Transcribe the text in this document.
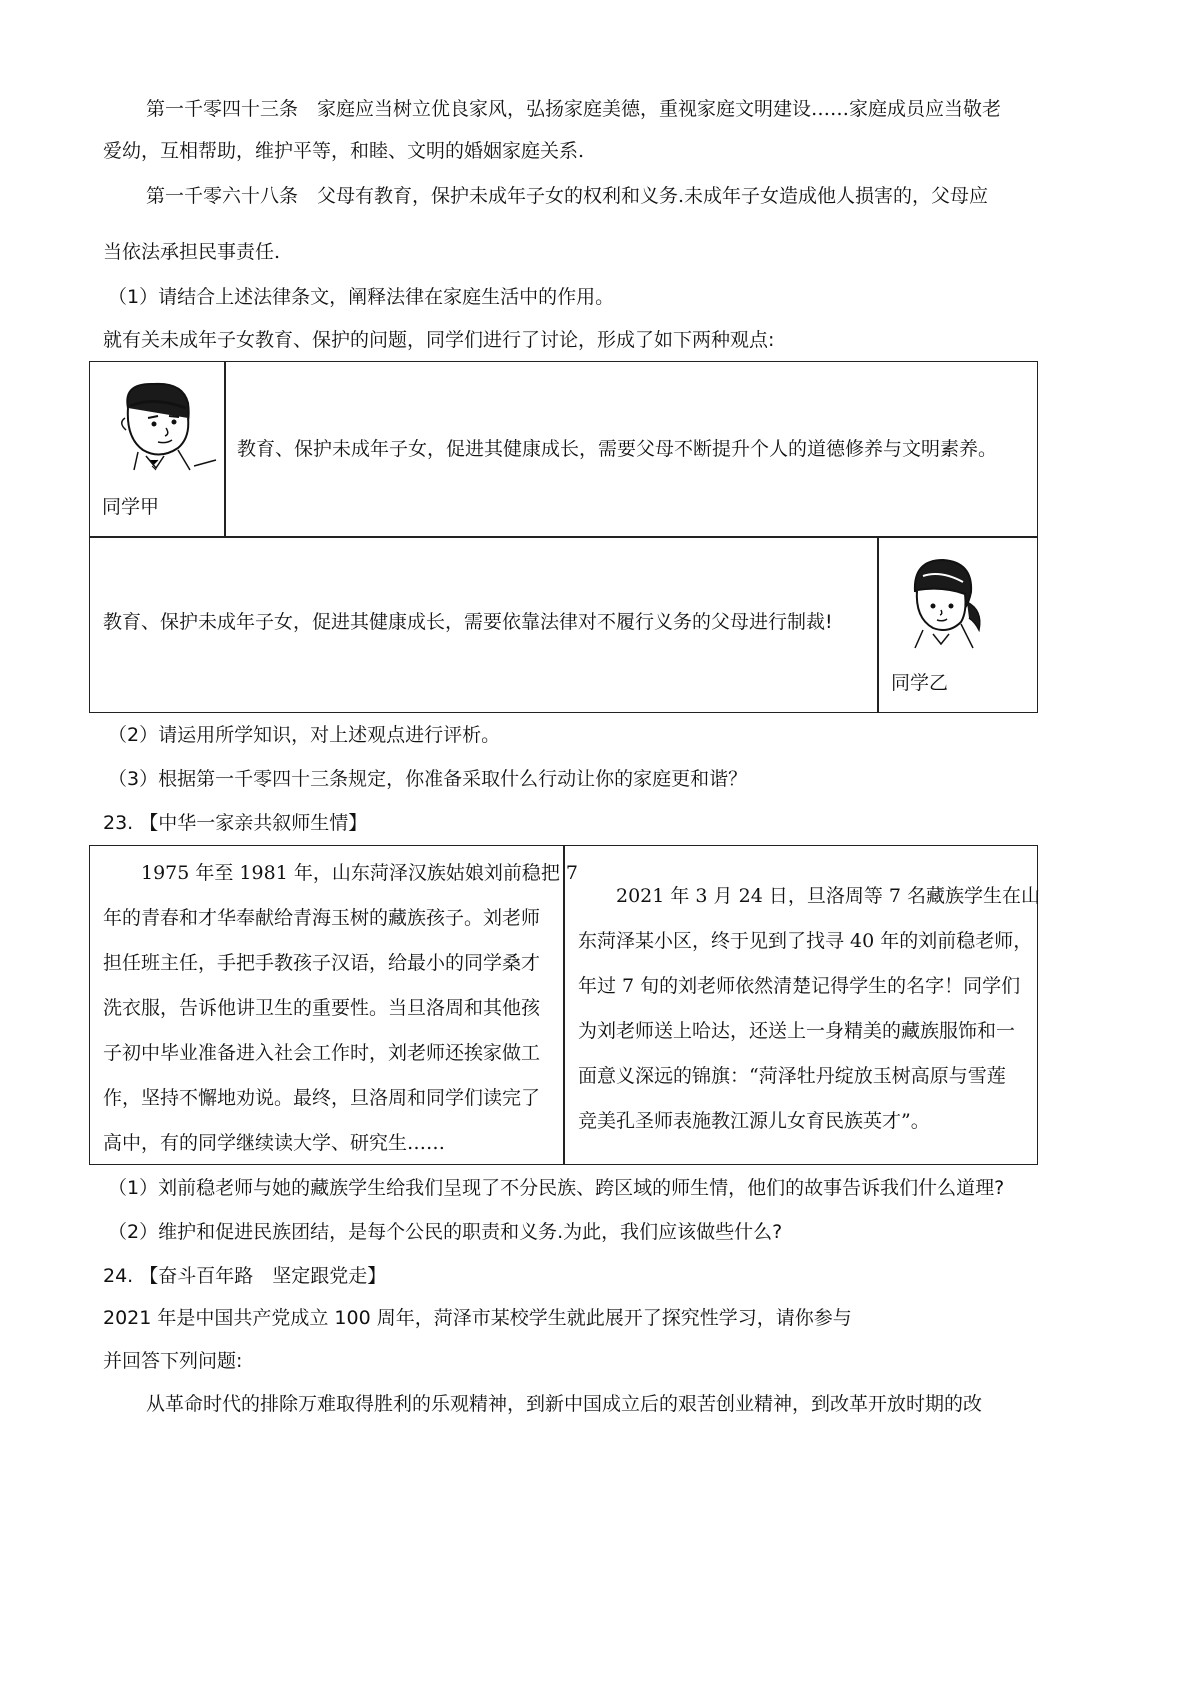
第一千零四十三条　家庭应当树立优良家风，弘扬家庭美德，重视家庭文明建设……家庭成员应当敬老
爱幼，互相帮助，维护平等，和睦、文明的婚姻家庭关系.
第一千零六十八条　父母有教育，保护未成年子女的权利和义务.未成年子女造成他人损害的，父母应
当依法承担民事责任.
（1）请结合上述法律条文，阐释法律在家庭生活中的作用。
就有关未成年子女教育、保护的问题，同学们进行了讨论，形成了如下两种观点:
同学甲
教育、保护未成年子女，促进其健康成长，需要父母不断提升个人的道德修养与文明素养。
教育、保护未成年子女，促进其健康成长，需要依靠法律对不履行义务的父母进行制裁!
同学乙
（2）请运用所学知识，对上述观点进行评析。
（3）根据第一千零四十三条规定，你准备采取什么行动让你的家庭更和谐？
23. 【中华一家亲共叙师生情】
1975 年至 1981 年，山东菏泽汉族姑娘刘前稳把 7
年的青春和才华奉献给青海玉树的藏族孩子。刘老师
担任班主任，手把手教孩子汉语，给最小的同学桑才
洗衣服，告诉他讲卫生的重要性。当旦洛周和其他孩
子初中毕业准备进入社会工作时，刘老师还挨家做工
作，坚持不懈地劝说。最终，旦洛周和同学们读完了
高中，有的同学继续读大学、研究生……
2021 年 3 月 24 日，旦洛周等 7 名藏族学生在山
东菏泽某小区，终于见到了找寻 40 年的刘前稳老师，
年过 7 旬的刘老师依然清楚记得学生的名字！同学们
为刘老师送上哈达，还送上一身精美的藏族服饰和一
面意义深远的锦旗：“菏泽牡丹绽放玉树高原与雪莲
竞美孔圣师表施教江源儿女育民族英才”。
（1）刘前稳老师与她的藏族学生给我们呈现了不分民族、跨区域的师生情，他们的故事告诉我们什么道理?
（2）维护和促进民族团结，是每个公民的职责和义务.为此，我们应该做些什么?
24. 【奋斗百年路　坚定跟党走】
2021 年是中国共产党成立 100 周年，菏泽市某校学生就此展开了探究性学习，请你参与
并回答下列问题:
从革命时代的排除万难取得胜利的乐观精神，到新中国成立后的艰苦创业精神，到改革开放时期的改
